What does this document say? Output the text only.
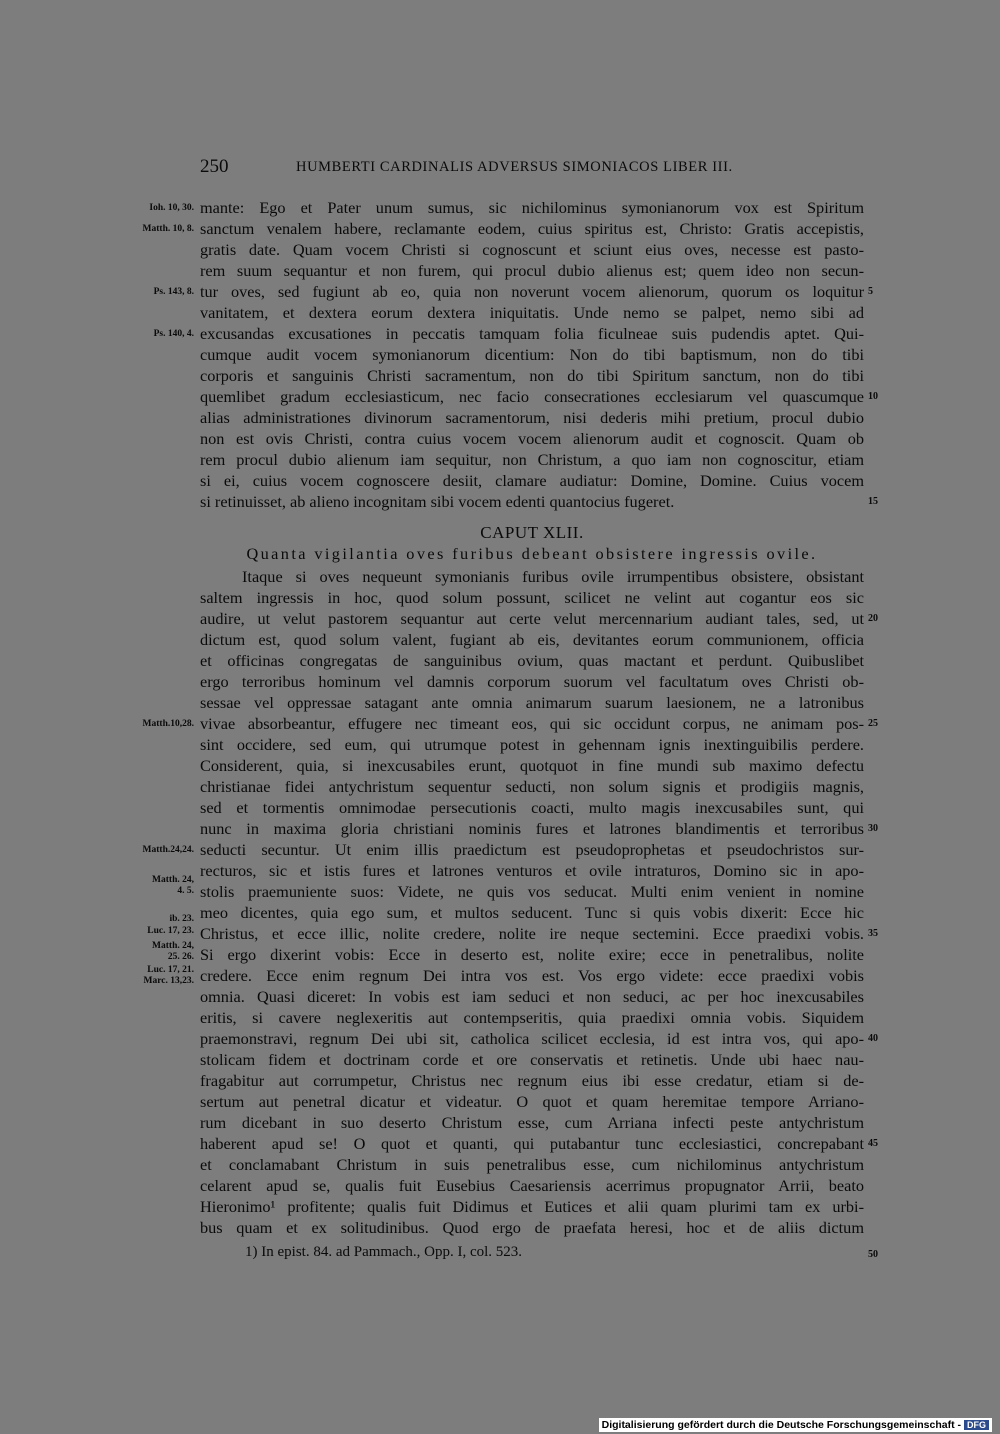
250	HUMBERTI CARDINALIS ADVERSUS SIMONIACOS LIBER III.
mante: Ego et Pater unum sumus, sic nichilominus symonianorum vox est Spiritum
sanctum venalem habere, reclamante eodem, cuius spiritus est, Christo: Gratis accepistis,
gratis date. Quam vocem Christi si cognoscunt et sciunt eius oves, necesse est pasto-
rem suum sequantur et non furem, qui procul dubio alienus est; quem ideo non secun-
tur oves, sed fugiunt ab eo, quia non noverunt vocem alienorum, quorum os loquitur
vanitatem, et dextera eorum dextera iniquitatis. Unde nemo se palpet, nemo sibi ad
excusandas excusationes in peccatis tamquam folia ficulneae suis pudendis aptet. Qui-
cumque audit vocem symonianorum dicentium: Non do tibi baptismum, non do tibi
corporis et sanguinis Christi sacramentum, non do tibi Spiritum sanctum, non do tibi
quemlibet gradum ecclesiasticum, nec facio consecrationes ecclesiarum vel quascumque
alias administrationes divinorum sacramentorum, nisi dederis mihi pretium, procul dubio
non est ovis Christi, contra cuius vocem vocem alienorum audit et cognoscit. Quam ob
rem procul dubio alienum iam sequitur, non Christum, a quo iam non cognoscitur, etiam
si ei, cuius vocem cognoscere desiit, clamare audiatur: Domine, Domine. Cuius vocem
si retinuisset, ab alieno incognitam sibi vocem edenti quantocius fugeret.
CAPUT XLII.
Quanta vigilantia oves furibus debeant obsistere ingressis ovile.
Itaque si oves nequeunt symonianis furibus ovile irrumpentibus obsistere, obsistant
saltem ingressis in hoc, quod solum possunt, scilicet ne velint aut cogantur eos sic
audire, ut velut pastorem sequantur aut certe velut mercennarium audiant tales, sed, ut
dictum est, quod solum valent, fugiant ab eis, devitantes eorum communionem, officia
et officinas congregatas de sanguinibus ovium, quas mactant et perdunt. Quibuslibet
ergo terroribus hominum vel damnis corporum suorum vel facultatum oves Christi ob-
sessae vel oppressae satagant ante omnia animarum suarum laesionem, ne a latronibus
vivae absorbeantur, effugere nec timeant eos, qui sic occidunt corpus, ne animam pos-
sint occidere, sed eum, qui utrumque potest in gehennam ignis inextinguibilis perdere.
Considerent, quia, si inexcusabiles erunt, quotquot in fine mundi sub maximo defectu
christianae fidei antychristum sequentur seducti, non solum signis et prodigiis magnis,
sed et tormentis omnimodae persecutionis coacti, multo magis inexcusabiles sunt, qui
nunc in maxima gloria christiani nominis fures et latrones blandimentis et terroribus
seducti secuntur. Ut enim illis praedictum est pseudoprophetas et pseudochristos sur-
recturos, sic et istis fures et latrones venturos et ovile intraturos, Domino sic in apo-
stolis praemuniente suos: Videte, ne quis vos seducat. Multi enim venient in nomine
meo dicentes, quia ego sum, et multos seducent. Tunc si quis vobis dixerit: Ecce hic
Christus, et ecce illic, nolite credere, nolite ire neque sectemini. Ecce praedixi vobis.
Si ergo dixerint vobis: Ecce in deserto est, nolite exire; ecce in penetralibus, nolite
credere. Ecce enim regnum Dei intra vos est. Vos ergo videte: ecce praedixi vobis
omnia. Quasi diceret: In vobis est iam seduci et non seduci, ac per hoc inexcusabiles
eritis, si cavere neglexeritis aut contempseritis, quia praedixi omnia vobis. Siquidem
praemonstravi, regnum Dei ubi sit, catholica scilicet ecclesia, id est intra vos, qui apo-
stolicam fidem et doctrinam corde et ore conservatis et retinetis. Unde ubi haec nau-
fragabitur aut corrumpetur, Christus nec regnum eius ibi esse credatur, etiam si de-
sertum aut penetral dicatur et videatur. O quot et quam heremitae tempore Arriano-
rum dicebant in suo deserto Christum esse, cum Arriana infecti peste antychristum
haberent apud se! O quot et quanti, qui putabantur tunc ecclesiastici, concrepabant
et conclamabant Christum in suis penetralibus esse, cum nichilominus antychristum
celarent apud se, qualis fuit Eusebius Caesariensis acerrimus propugnator Arrii, beato
Hieronimo¹ profitente; qualis fuit Didimus et Eutices et alii quam plurimi tam ex urbi-
bus quam et ex solitudinibus. Quod ergo de praefata heresi, hoc et de aliis dictum
Ioh. 10, 30.
Matth. 10, 8.
Ps. 143, 8.
Ps. 140, 4.
Matth.10,28.
Matth.24,24.
Matth. 24, 4. 5.
ib. 23.
Luc. 17, 23.
Matth. 24, 25. 26.
Luc. 17, 21.
Marc. 13,23.
5
10
15
20
25
30
35
40
45
50
1) In epist. 84. ad Pammach., Opp. I, col. 523.
Digitalisierung gefördert durch die Deutsche Forschungsgemeinschaft - DFG
